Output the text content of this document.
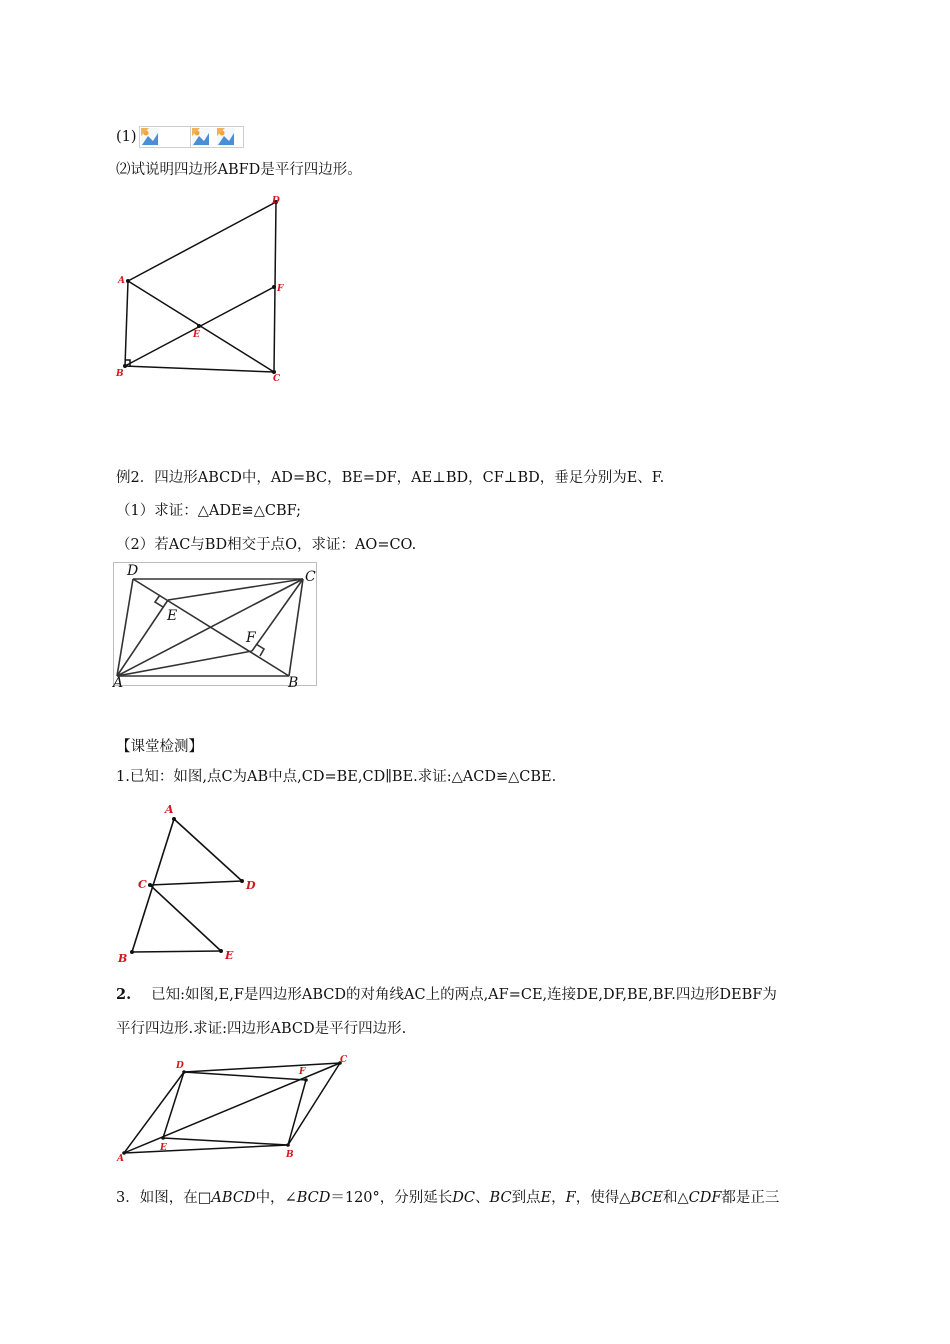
(1)
⑵试说明四边形ABFD是平行四边形。
D
A
F
E
B	C
例2．四边形ABCD中，AD=BC，BE=DF，AE⊥BD，CF⊥BD，垂足分别为E、F.
（1）求证：△ADE≌△CBF;
（2）若AC与BD相交于点O，求证：AO=CO.
D	C
E
F
A	B
【课堂检测】
1.已知：如图,点C为AB中点,CD=BE,CD∥BE.求证:△ACD≌△CBE.
A
C	D
B	E
2. 已知:如图,E,F是四边形ABCD的对角线AC上的两点,AF=CE,连接DE,DF,BE,BF.四边形DEBF为
平行四边形.求证:四边形ABCD是平行四边形.
D
C
F
E
A	B
3．如图，在□ABCD中，∠BCD＝120°，分别延长DC、BC到点E，F，使得△BCE和△CDF都是正三
